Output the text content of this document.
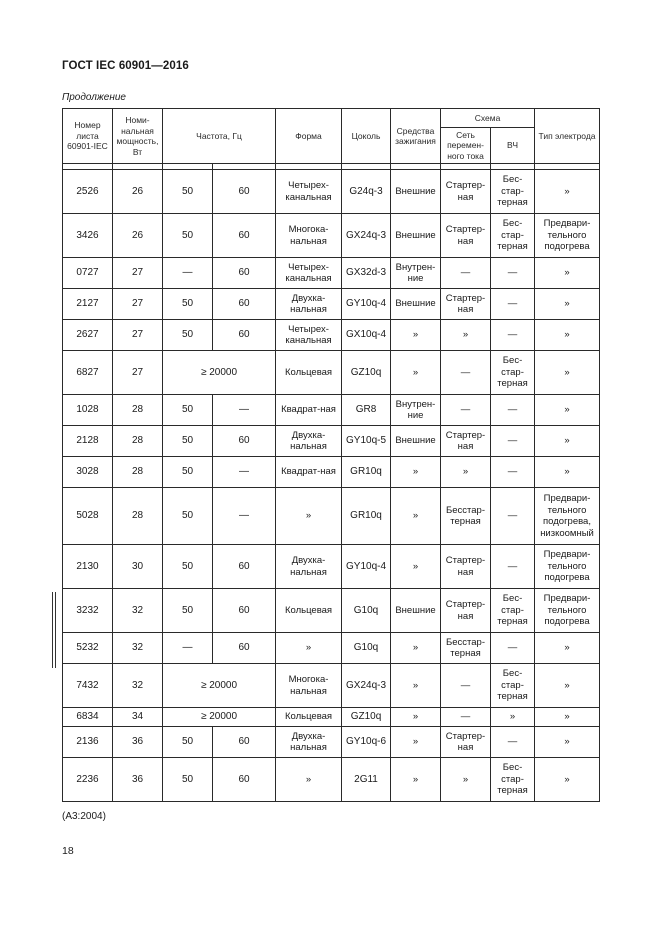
ГОСТ IEC 60901—2016
Продолжение
Номер листа 60901-IEC	Номи- нальная мощность, Вт	Частота, Гц		Форма	Цоколь	Средства зажигания	Схема		Тип электрода
							Сеть перемен- ного тока	ВЧ	

2526	26	50	60	Четырех-канальная	G24q-3	Внешние	Стартер-ная	Бес-стар-терная	»
3426	26	50	60	Многока-нальная	GX24q-3	Внешние	Стартер-ная	Бес-стар-терная	Предвари-тельного подогрева
0727	27	—	60	Четырех-канальная	GX32d-3	Внутрен-ние	—	—	»
2127	27	50	60	Двухка-нальная	GY10q-4	Внешние	Стартер-ная	—	»
2627	27	50	60	Четырех-канальная	GX10q-4	»	»	—	»
6827	27	≥ 20000		Кольцевая	GZ10q	»	—	Бес-стар-терная	»
1028	28	50	—	Квадрат-ная	GR8	Внутрен-ние	—	—	»
2128	28	50	60	Двухка-нальная	GY10q-5	Внешние	Стартер-ная	—	»
3028	28	50	—	Квадрат-ная	GR10q	»	»	—	»
5028	28	50	—	»	GR10q	»	Бесстар-терная	—	Предвари-тельного подогрева, низкоомный
2130	30	50	60	Двухка-нальная	GY10q-4	»	Стартер-ная	—	Предвари-тельного подогрева
3232	32	50	60	Кольцевая	G10q	Внешние	Стартер-ная	Бес-стар-терная	Предвари-тельного подогрева
5232	32	—	60	»	G10q	»	Бесстар-терная	—	»
7432	32	≥ 20000		Многока-нальная	GX24q-3	»	—	Бес-стар-терная	»
6834	34	≥ 20000		Кольцевая	GZ10q	»	—	»	»
2136	36	50	60	Двухка-нальная	GY10q-6	»	Стартер-ная	—	»
2236	36	50	60	»	2G11	»	»	Бес-стар-терная	»
(A3:2004)
18
